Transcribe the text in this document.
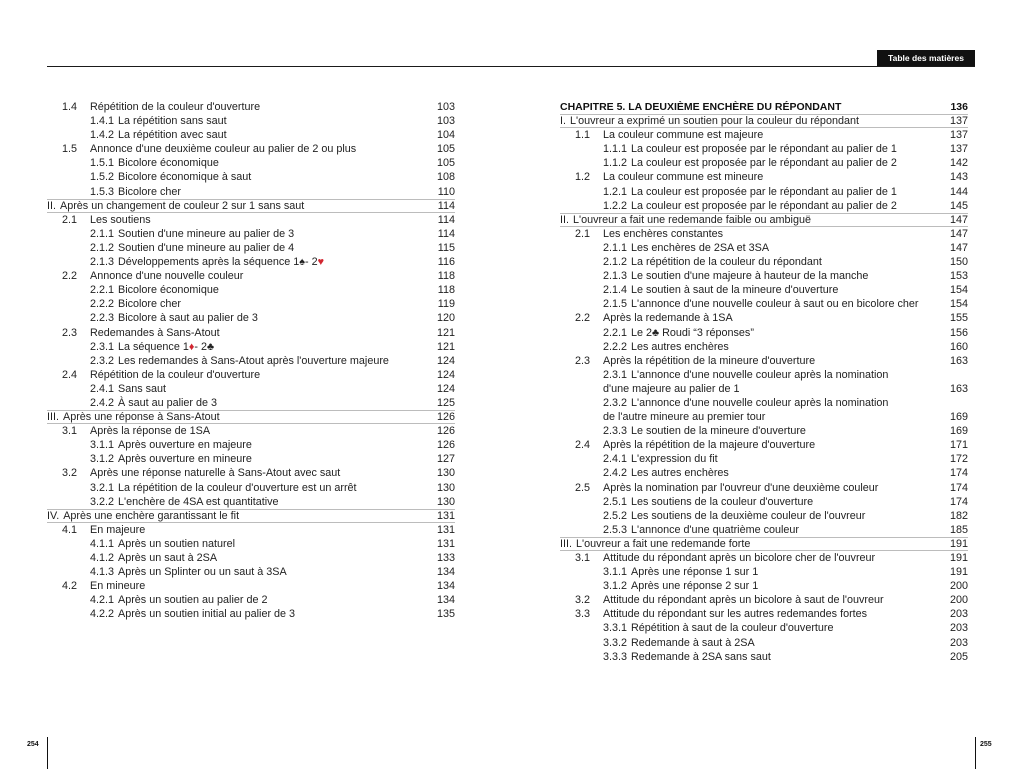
Table des matières
1.4	Répétition de la couleur d'ouverture	103
1.4.1 La répétition sans saut	103
1.4.2 La répétition avec saut	104
1.5	Annonce d'une deuxième couleur au palier de 2 ou plus	105
1.5.1 Bicolore économique	105
1.5.2 Bicolore économique à saut	108
1.5.3 Bicolore cher	110
II. Après un changement de couleur 2 sur 1 sans saut	114
2.1	Les soutiens	114
2.1.1 Soutien d'une mineure au palier de 3	114
2.1.2 Soutien d'une mineure au palier de 4	115
2.1.3 Développements après la séquence 1♠- 2♥	116
2.2	Annonce d'une nouvelle couleur	118
2.2.1 Bicolore économique	118
2.2.2 Bicolore cher	119
2.2.3 Bicolore à saut au palier de 3	120
2.3	Redemandes à Sans-Atout	121
2.3.1 La séquence 1♦- 2♣	121
2.3.2 Les redemandes à Sans-Atout après l'ouverture majeure	124
2.4	Répétition de la couleur d'ouverture	124
2.4.1 Sans saut	124
2.4.2 À saut au palier de 3	125
III. Après une réponse à Sans-Atout	126
3.1	Après la réponse de 1SA	126
3.1.1 Après ouverture en majeure	126
3.1.2 Après ouverture en mineure	127
3.2	Après une réponse naturelle à Sans-Atout avec saut	130
3.2.1 La répétition de la couleur d'ouverture est un arrêt	130
3.2.2 L'enchère de 4SA est quantitative	130
IV. Après une enchère garantissant le fit	131
4.1	En majeure	131
4.1.1 Après un soutien naturel	131
4.1.2 Après un saut à 2SA	133
4.1.3 Après un Splinter ou un saut à 3SA	134
4.2	En mineure	134
4.2.1 Après un soutien au palier de 2	134
4.2.2 Après un soutien initial au palier de 3	135
CHAPITRE 5. LA DEUXIÈME ENCHÈRE DU RÉPONDANT	136
I. L'ouvreur a exprimé un soutien pour la couleur du répondant	137
1.1	La couleur commune est majeure	137
1.1.1 La couleur est proposée par le répondant au palier de 1	137
1.1.2 La couleur est proposée par le répondant au palier de 2	142
1.2	La couleur commune est mineure	143
1.2.1 La couleur est proposée par le répondant au palier de 1	144
1.2.2 La couleur est proposée par le répondant au palier de 2	145
II. L'ouvreur a fait une redemande faible ou ambiguë	147
2.1	Les enchères constantes	147
2.1.1 Les enchères de 2SA et 3SA	147
2.1.2 La répétition de la couleur du répondant	150
2.1.3 Le soutien d'une majeure à hauteur de la manche	153
2.1.4 Le soutien à saut de la mineure d'ouverture	154
2.1.5 L'annonce d'une nouvelle couleur à saut ou en bicolore cher	154
2.2	Après la redemande à 1SA	155
2.2.1 Le 2♣ Roudi “3 réponses”	156
2.2.2 Les autres enchères	160
2.3	Après la répétition de la mineure d'ouverture	163
2.3.1 L'annonce d'une nouvelle couleur après la nomination
d'une majeure au palier de 1	163
2.3.2 L'annonce d'une nouvelle couleur après la nomination
de l'autre mineure au premier tour	169
2.3.3 Le soutien de la mineure d'ouverture	169
2.4	Après la répétition de la majeure d'ouverture	171
2.4.1 L'expression du fit	172
2.4.2 Les autres enchères	174
2.5	Après la nomination par l'ouvreur d'une deuxième couleur	174
2.5.1 Les soutiens de la couleur d'ouverture	174
2.5.2 Les soutiens de la deuxième couleur de l'ouvreur	182
2.5.3 L'annonce d'une quatrième couleur	185
III. L'ouvreur a fait une redemande forte	191
3.1	Attitude du répondant après un bicolore cher de l'ouvreur	191
3.1.1 Après une réponse 1 sur 1	191
3.1.2 Après une réponse 2 sur 1	200
3.2	Attitude du répondant après un bicolore à saut de l'ouvreur	200
3.3	Attitude du répondant sur les autres redemandes fortes	203
3.3.1 Répétition à saut de la couleur d'ouverture	203
3.3.2 Redemande à saut à 2SA	203
3.3.3 Redemande à 2SA sans saut	205
254	255
